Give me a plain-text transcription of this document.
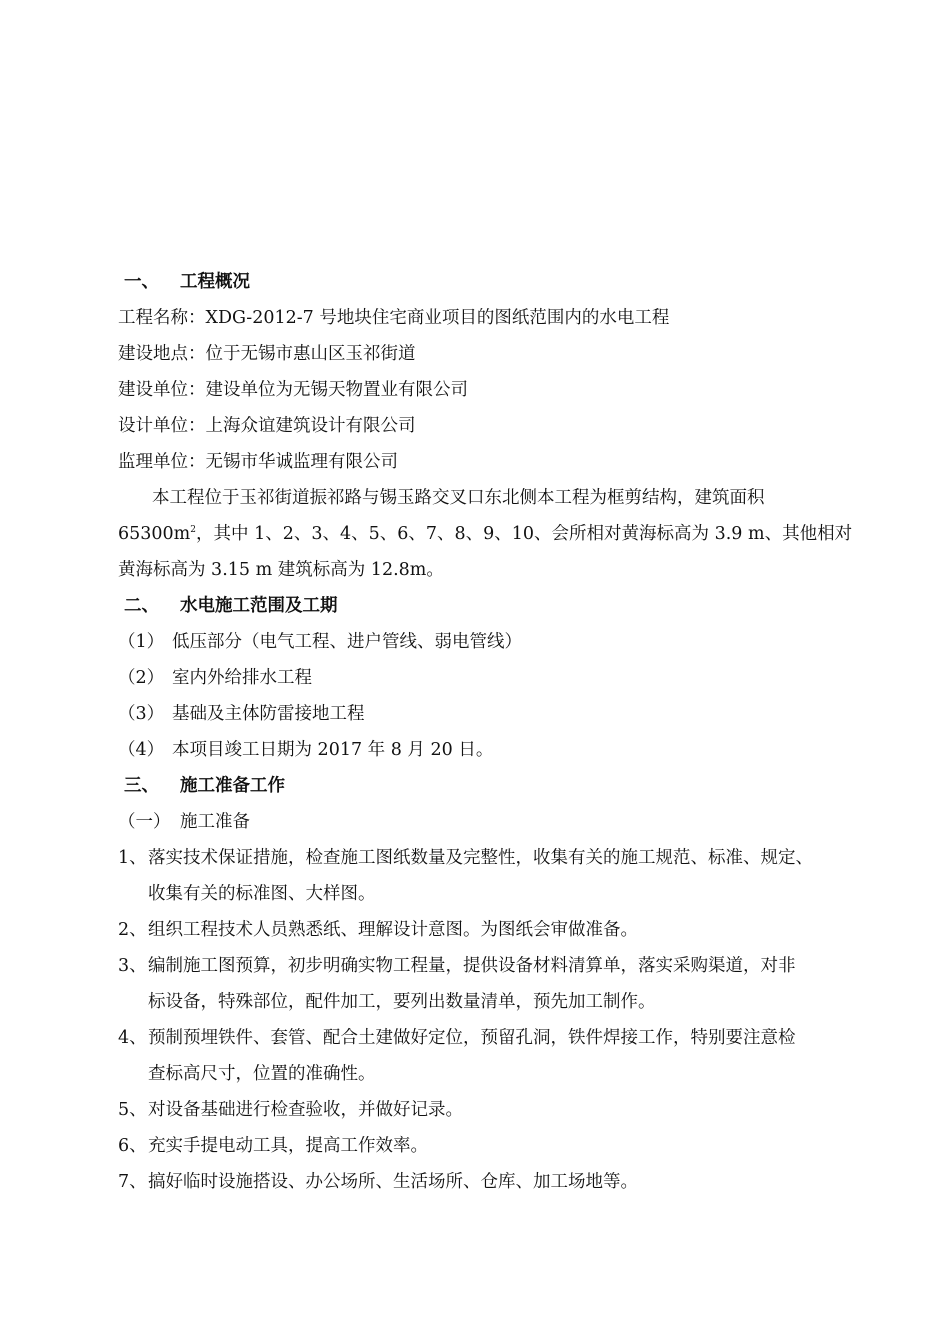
一、 工程概况
工程名称：XDG-2012-7 号地块住宅商业项目的图纸范围内的水电工程
建设地点：位于无锡市惠山区玉祁街道
建设单位：建设单位为无锡天物置业有限公司
设计单位：上海众谊建筑设计有限公司
监理单位：无锡市华诚监理有限公司
本工程位于玉祁街道振祁路与锡玉路交叉口东北侧本工程为框剪结构，建筑面积
$65300m^2$，其中 1、2、3、4、5、6、7、8、9、10、会所相对黄海标高为 3.9 m、其他相对
黄海标高为 3.15 m 建筑标高为 12.8m。
二、 水电施工范围及工期
（1） 低压部分（电气工程、进户管线、弱电管线）
（2） 室内外给排水工程
（3） 基础及主体防雷接地工程
（4） 本项目竣工日期为 2017 年 8 月 20 日。
三、 施工准备工作
（一） 施工准备
1、落实技术保证措施，检查施工图纸数量及完整性，收集有关的施工规范、标准、规定、
收集有关的标准图、大样图。
2、组织工程技术人员熟悉纸、理解设计意图。为图纸会审做准备。
3、编制施工图预算，初步明确实物工程量，提供设备材料清算单，落实采购渠道，对非
标设备，特殊部位，配件加工，要列出数量清单，预先加工制作。
4、预制预埋铁件、套管、配合土建做好定位，预留孔洞，铁件焊接工作，特别要注意检
查标高尺寸，位置的准确性。
5、对设备基础进行检查验收，并做好记录。
6、充实手提电动工具，提高工作效率。
7、搞好临时设施搭设、办公场所、生活场所、仓库、加工场地等。
